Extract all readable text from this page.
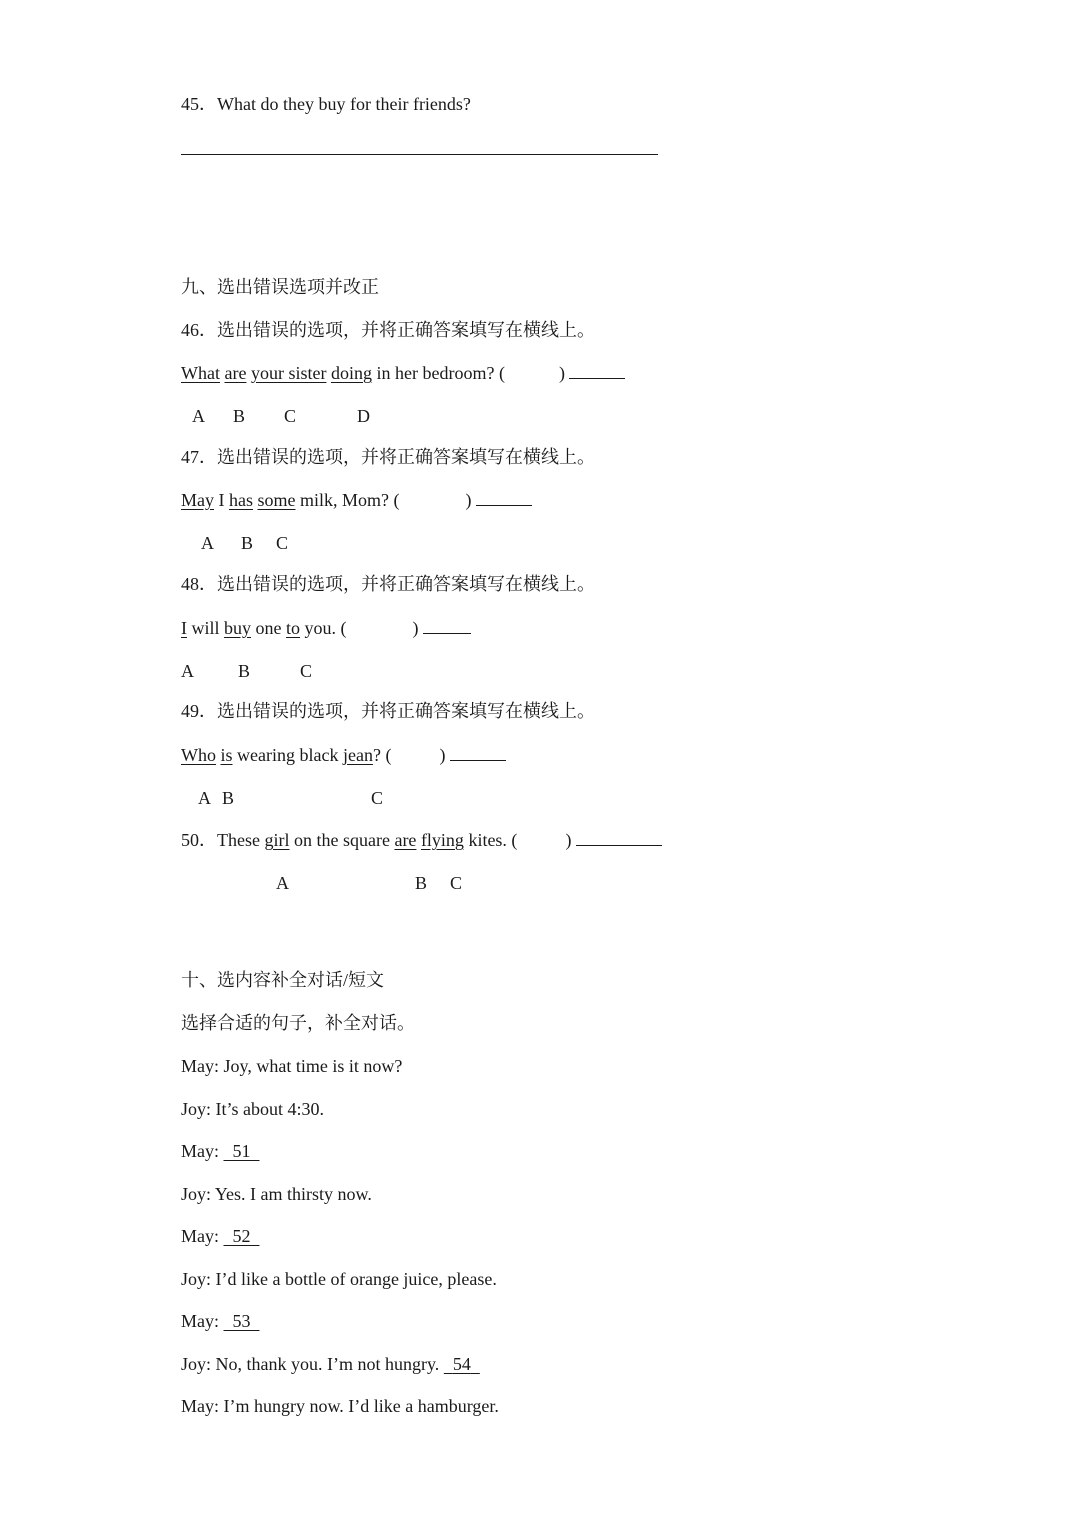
45．What do they buy for their friends?
九、选出错误选项并改正
46．选出错误的选项，并将正确答案填写在横线上。
What are your sister doing in her bedroom? (	)
A B C	D
47．选出错误的选项，并将正确答案填写在横线上。
May I has some milk, Mom? (	)
A B C
48．选出错误的选项，并将正确答案填写在横线上。
I will buy one to you. (	)
A B	C
49．选出错误的选项，并将正确答案填写在横线上。
Who is wearing black jean? (	)
A B	C
50．These girl on the square are flying kites. (	)
A	B C
十、选内容补全对话/短文
选择合适的句子，补全对话。
May: Joy, what time is it now?
Joy: It’s about 4:30.
May:   51
Joy: Yes. I am thirsty now.
May:   52
Joy: I’d like a bottle of orange juice, please.
May:   53
Joy: No, thank you. I’m not hungry.   54
May: I’m hungry now. I’d like a hamburger.
